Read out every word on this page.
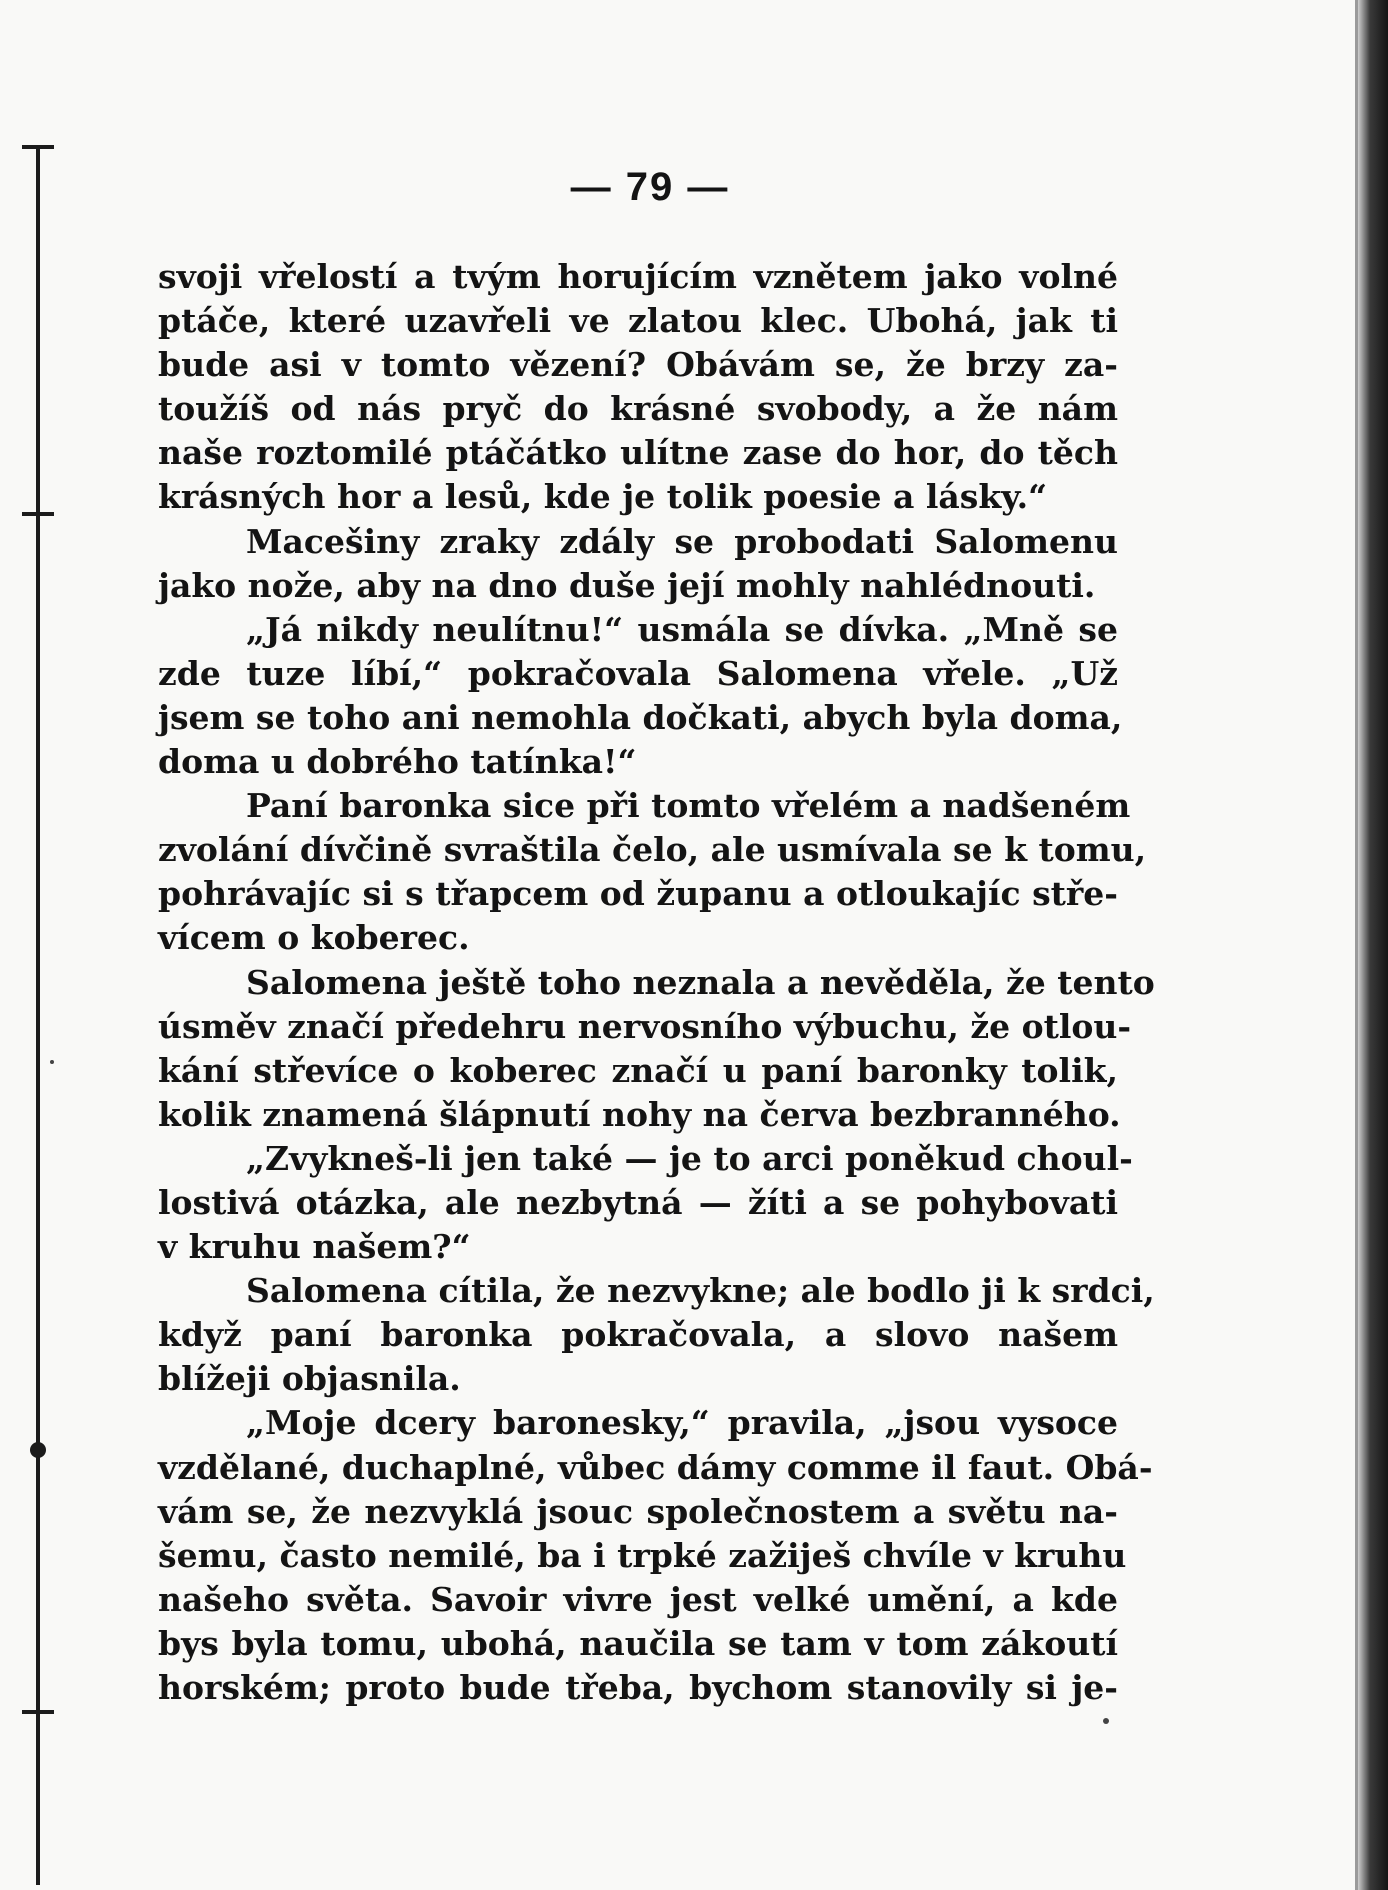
— 79 —
svoji vřelostí a tvým horujícím vznětem jako volné
ptáče, které uzavřeli ve zlatou klec. Ubohá, jak ti
bude asi v tomto vězení? Obávám se, že brzy za-
toužíš od nás pryč do krásné svobody, a že nám
naše roztomilé ptáčátko ulítne zase do hor, do těch
krásných hor a lesů, kde je tolik poesie a lásky.“
Macešiny zraky zdály se probodati Salomenu
jako nože, aby na dno duše její mohly nahlédnouti.
„Já nikdy neulítnu!“ usmála se dívka. „Mně se
zde tuze líbí,“ pokračovala Salomena vřele. „Už
jsem se toho ani nemohla dočkati, abych byla doma,
doma u dobrého tatínka!“
Paní baronka sice při tomto vřelém a nadšeném
zvolání dívčině svraštila čelo, ale usmívala se k tomu,
pohrávajíc si s třapcem od županu a otloukajíc stře-
vícem o koberec.
Salomena ještě toho neznala a nevěděla, že tento
úsměv značí předehru nervosního výbuchu, že otlou-
kání střevíce o koberec značí u paní baronky tolik,
kolik znamená šlápnutí nohy na červa bezbranného.
„Zvykneš-li jen také — je to arci poněkud choul-
lostivá otázka, ale nezbytná — žíti a se pohybovati
v kruhu našem?“
Salomena cítila, že nezvykne; ale bodlo ji k srdci,
když paní baronka pokračovala, a slovo našem
blížeji objasnila.
„Moje dcery baronesky,“ pravila, „jsou vysoce
vzdělané, duchaplné, vůbec dámy comme il faut. Obá-
vám se, že nezvyklá jsouc společnostem a světu na-
šemu, často nemilé, ba i trpké zažiješ chvíle v kruhu
našeho světa. Savoir vivre jest velké umění, a kde
bys byla tomu, ubohá, naučila se tam v tom zákoutí
horském; proto bude třeba, bychom stanovily si je-
